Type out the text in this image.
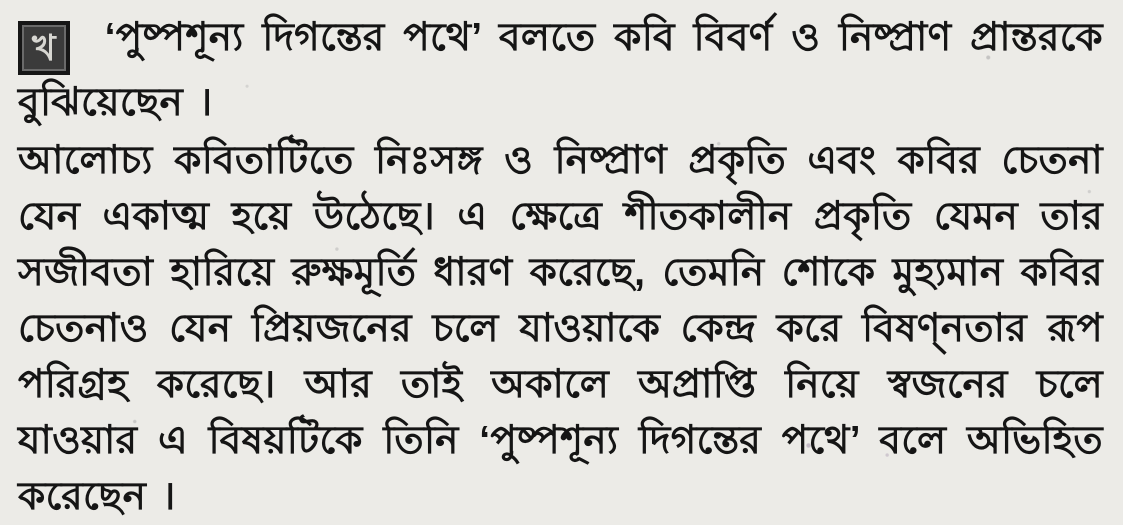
খ ‘পুষ্পশূন্য দিগন্তের পথে’ বলতে কবি বিবর্ণ ও নিষ্প্রাণ প্রান্তরকে বুঝিয়েছেন ।

আলোচ্য কবিতাটিতে নিঃসঙ্গ ও নিষ্প্রাণ প্রকৃতি এবং কবির চেতনা যেন একাত্ম হয়ে উঠেছে। এ ক্ষেত্রে শীতকালীন প্রকৃতি যেমন তার সজীবতা হারিয়ে রুক্ষমূর্তি ধারণ করেছে, তেমনি শোকে মুহ্যমান কবির চেতনাও যেন প্রিয়জনের চলে যাওয়াকে কেন্দ্র করে বিষণ্নতার রূপ পরিগ্রহ করেছে। আর তাই অকালে অপ্রাপ্তি নিয়ে স্বজনের চলে যাওয়ার এ বিষয়টিকে তিনি ‘পুষ্পশূন্য দিগন্তের পথে’ বলে অভিহিত করেছেন ।
